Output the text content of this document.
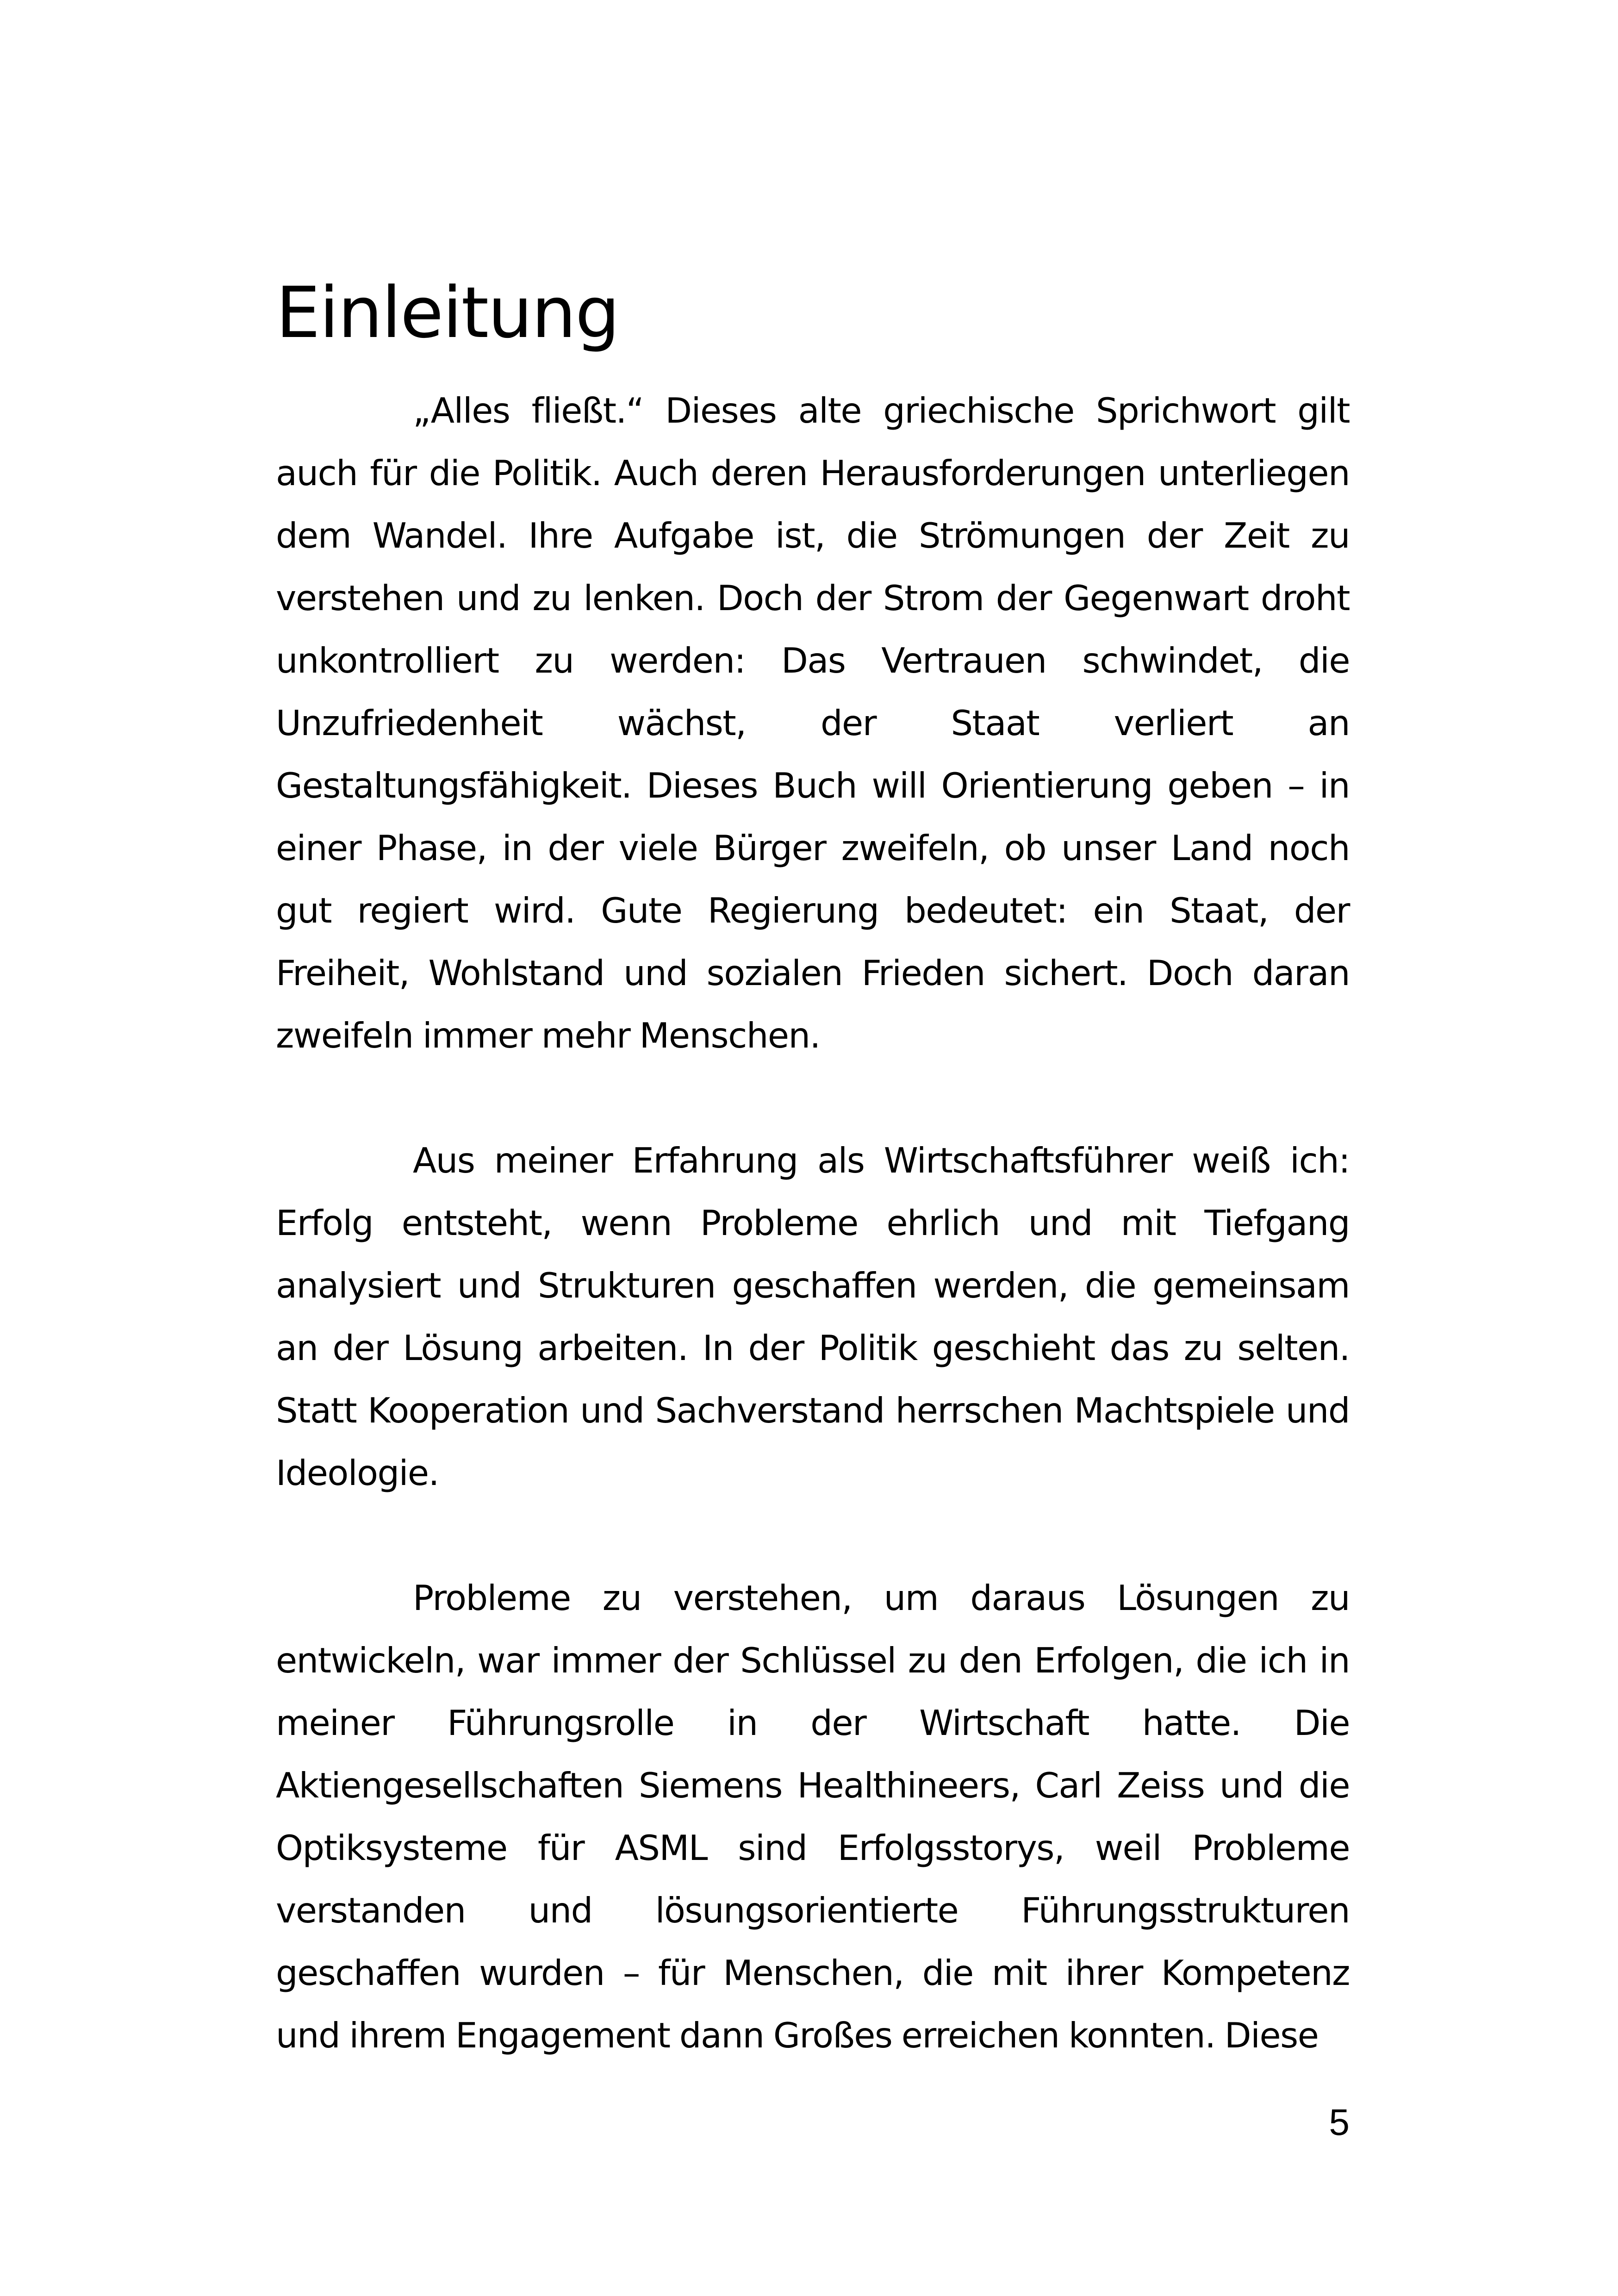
Einleitung

„Alles fließt.“ Dieses alte griechische Sprichwort gilt auch für die Politik. Auch deren Herausforderungen unterliegen dem Wandel. Ihre Aufgabe ist, die Strömungen der Zeit zu verstehen und zu lenken. Doch der Strom der Gegenwart droht unkontrolliert zu werden: Das Vertrauen schwindet, die Unzufriedenheit wächst, der Staat verliert an Gestaltungsfähigkeit. Dieses Buch will Orientierung geben – in einer Phase, in der viele Bürger zweifeln, ob unser Land noch gut regiert wird. Gute Regierung bedeutet: ein Staat, der Freiheit, Wohlstand und sozialen Frieden sichert. Doch daran zweifeln immer mehr Menschen.

Aus meiner Erfahrung als Wirtschaftsführer weiß ich: Erfolg entsteht, wenn Probleme ehrlich und mit Tiefgang analysiert und Strukturen geschaffen werden, die gemeinsam an der Lösung arbeiten. In der Politik geschieht das zu selten. Statt Kooperation und Sachverstand herrschen Machtspiele und Ideologie.

Probleme zu verstehen, um daraus Lösungen zu entwickeln, war immer der Schlüssel zu den Erfolgen, die ich in meiner Führungsrolle in der Wirtschaft hatte. Die Aktiengesellschaften Siemens Healthineers, Carl Zeiss und die Optiksysteme für ASML sind Erfolgsstorys, weil Probleme verstanden und lösungsorientierte Führungsstrukturen geschaffen wurden – für Menschen, die mit ihrer Kompetenz und ihrem Engagement dann Großes erreichen konnten. Diese

5
